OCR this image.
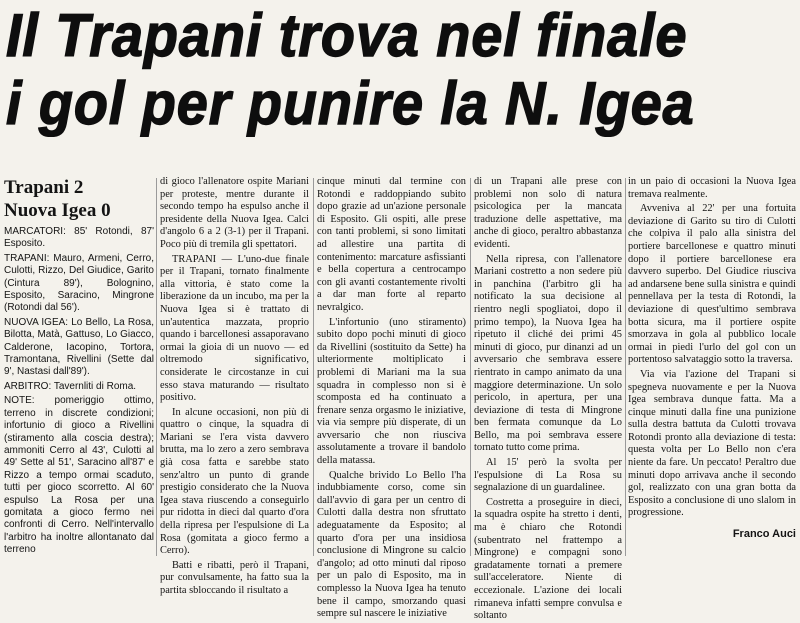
Il Trapani trova nel finale
i gol per punire la N. Igea
Trapani 2
Nuova Igea 0

MARCATORI: 85' Rotondi, 87' Esposito.

TRAPANI: Mauro, Armeni, Cerro, Culotti, Rizzo, Del Giudice, Garito (Cintura 89'), Bolognino, Esposito, Saracino, Mingrone (Rotondi dal 56').

NUOVA IGEA: Lo Bello, La Rosa, Bilotta, Matà, Gattuso, Lo Giacco, Calderone, Iacopino, Tortora, Tramontana, Rivellini (Sette dal 9', Nastasi dall'89').

ARBITRO: Tavernliti di Roma.

NOTE: pomeriggio ottimo, terreno in discrete condizioni; infortunio di gioco a Rivellini (stiramento alla coscia destra); ammoniti Cerro al 43', Culotti al 49' Sette al 51', Saracino all'87' e Rizzo a tempo ormai scaduto, tutti per gioco scorretto. Al 60' espulso La Rosa per una gomitata a gioco fermo nei confronti di Cerro. Nell'intervallo l'arbitro ha inoltre allontanato dal terreno

di gioco l'allenatore ospite Mariani per proteste, mentre durante il secondo tempo ha espulso anche il presidente della Nuova Igea. Calci d'angolo 6 a 2 (3-1) per il Trapani. Poco più di tremila gli spettatori.

TRAPANI — L'uno-due finale per il Trapani, tornato finalmente alla vittoria, è stato come la liberazione da un incubo, ma per la Nuova Igea si è trattato di un'autentica mazzata, proprio quando i barcellonesi assaporavano ormai la gioia di un nuovo — ed oltremodo significativo, considerate le circostanze in cui esso stava maturando — risultato positivo.

In alcune occasioni, non più di quattro o cinque, la squadra di Mariani se l'era vista davvero brutta, ma lo zero a zero sembrava già cosa fatta e sarebbe stato senz'altro un punto di grande prestigio considerato che la Nuova Igea stava riuscendo a conseguirlo pur ridotta in dieci dal quarto d'ora della ripresa per l'espulsione di La Rosa (gomitata a gioco fermo a Cerro).

Batti e ribatti, però il Trapani, pur convulsamente, ha fatto sua la partita sbloccando il risultato a

cinque minuti dal termine con Rotondi e raddoppiando subito dopo grazie ad un'azione personale di Esposito. Gli ospiti, alle prese con tanti problemi, si sono limitati ad allestire una partita di contenimento: marcature asfissianti e bella copertura a centrocampo con gli avanti costantemente rivolti a dar man forte al reparto nevralgico.

L'infortunio (uno stiramento) subito dopo pochi minuti di gioco da Rivellini (sostituito da Sette) ha ulteriormente moltiplicato i problemi di Mariani ma la sua squadra in complesso non si è scomposta ed ha continuato a frenare senza orgasmo le iniziative, via via sempre più disperate, di un avversario che non riusciva assolutamente a trovare il bandolo della matassa.

Qualche brivido Lo Bello l'ha indubbiamente corso, come sin dall'avvio di gara per un centro di Culotti dalla destra non sfruttato adeguatamente da Esposito; al quarto d'ora per una insidiosa conclusione di Mingrone su calcio d'angolo; ad otto minuti dal riposo per un palo di Esposito, ma in complesso la Nuova Igea ha tenuto bene il campo, smorzando quasi sempre sul nascere le iniziative

di un Trapani alle prese con problemi non solo di natura psicologica per la mancata traduzione delle aspettative, ma anche di gioco, peraltro abbastanza evidenti.

Nella ripresa, con l'allenatore Mariani costretto a non sedere più in panchina (l'arbitro gli ha notificato la sua decisione al rientro negli spogliatoi, dopo il primo tempo), la Nuova Igea ha ripetuto il cliché dei primi 45 minuti di gioco, pur dinanzi ad un avversario che sembrava essere rientrato in campo animato da una maggiore determinazione. Un solo pericolo, in apertura, per una deviazione di testa di Mingrone ben fermata comunque da Lo Bello, ma poi sembrava essere tornato tutto come prima.

Al 15' però la svolta per l'espulsione di La Rosa su segnalazione di un guardalinee.

Costretta a proseguire in dieci, la squadra ospite ha stretto i denti, ma è chiaro che Rotondi (subentrato nel frattempo a Mingrone) e compagni sono gradatamente tornati a premere sull'acceleratore. Niente di eccezionale. L'azione dei locali rimaneva infatti sempre convulsa e soltanto

in un paio di occasioni la Nuova Igea tremava realmente.

Avveniva al 22' per una fortuita deviazione di Garito su tiro di Culotti che colpiva il palo alla sinistra del portiere barcellonese e quattro minuti dopo il portiere barcellonese era davvero superbo. Del Giudice riusciva ad andarsene bene sulla sinistra e quindi pennellava per la testa di Rotondi, la deviazione di quest'ultimo sembrava botta sicura, ma il portiere ospite smorzava in gola al pubblico locale ormai in piedi l'urlo del gol con un portentoso salvataggio sotto la traversa.

Via via l'azione del Trapani si spegneva nuovamente e per la Nuova Igea sembrava dunque fatta. Ma a cinque minuti dalla fine una punizione sulla destra battuta da Culotti trovava Rotondi pronto alla deviazione di testa: questa volta per Lo Bello non c'era niente da fare. Un peccato! Peraltro due minuti dopo arrivava anche il secondo gol, realizzato con una gran botta da Esposito a conclusione di uno slalom in progressione.

Franco Auci
